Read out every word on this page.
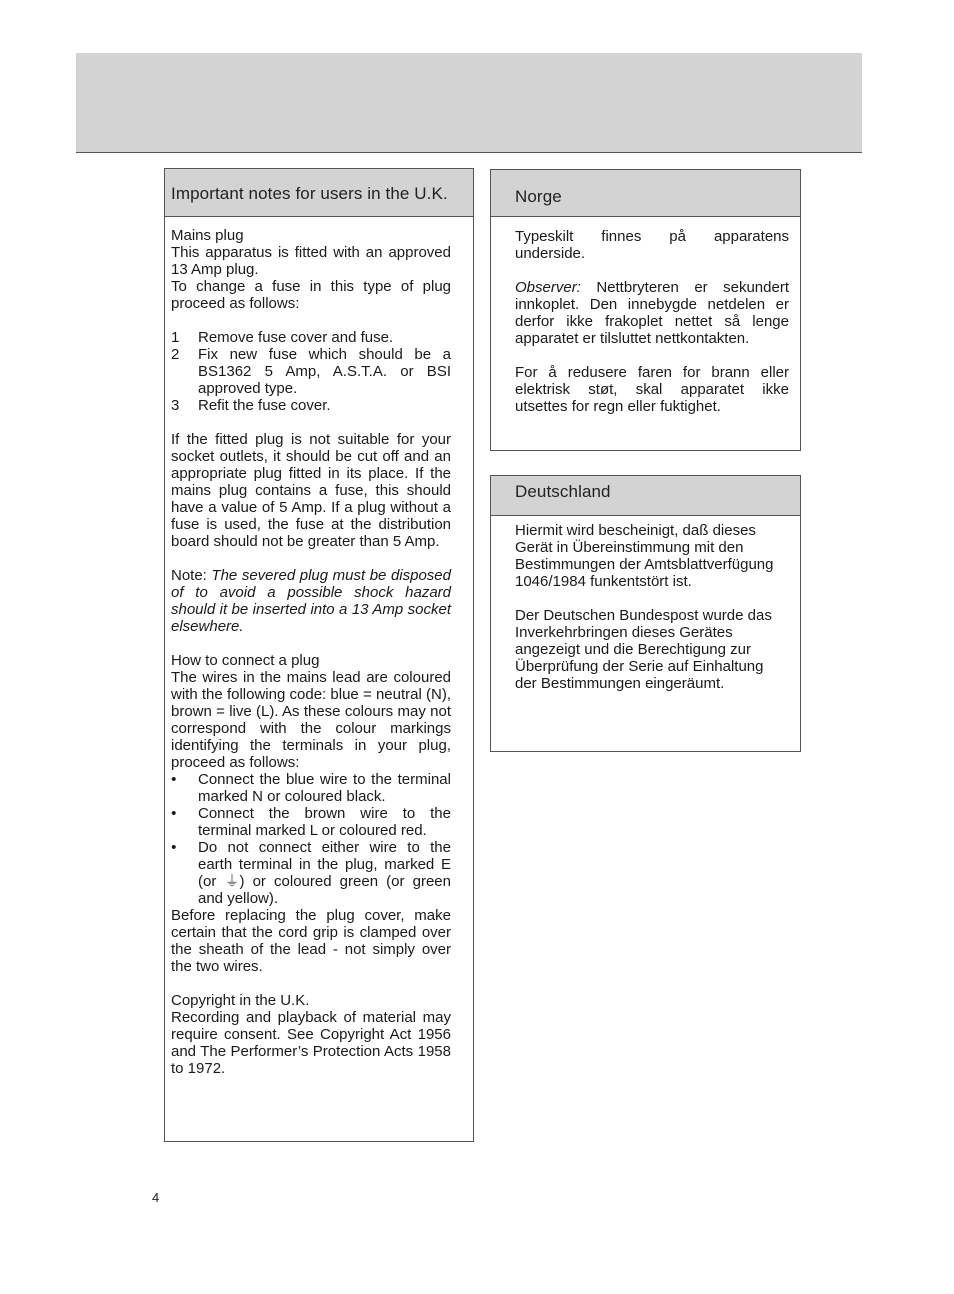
Important notes for users in the U.K.

Mains plug

This apparatus is fitted with an approved 13 Amp plug.

To change a fuse in this type of plug proceed as follows:

1	Remove fuse cover and fuse.
2	Fix new fuse which should be a BS1362 5 Amp, A.S.T.A. or BSI approved type.
3	Refit the fuse cover.

If the fitted plug is not suitable for your socket outlets, it should be cut off and an appropriate plug fitted in its place. If the mains plug contains a fuse, this should have a value of 5 Amp. If a plug without a fuse is used, the fuse at the distribution board should not be greater than 5 Amp.

Note: The severed plug must be disposed of to avoid a possible shock hazard should it be inserted into a 13 Amp socket elsewhere.

How to connect a plug

The wires in the mains lead are coloured with the following code: blue = neutral (N), brown = live (L). As these colours may not correspond with the colour markings identifying the terminals in your plug, proceed as follows:

•	Connect the blue wire to the terminal marked N or coloured black.
•	Connect the brown wire to the terminal marked L or coloured red.
•	Do not connect either wire to the earth terminal in the plug, marked E (or ⏚) or coloured green (or green and yellow).

Before replacing the plug cover, make certain that the cord grip is clamped over the sheath of the lead - not simply over the two wires.

Copyright in the U.K.

Recording and playback of material may require consent. See Copyright Act 1956 and The Performer’s Protection Acts 1958 to 1972.

Norge

Typeskilt finnes på apparatens underside.

Observer: Nettbryteren er sekundert innkoplet. Den innebygde netdelen er derfor ikke frakoplet nettet så lenge apparatet er tilsluttet nettkontakten.

For å redusere faren for brann eller elektrisk støt, skal apparatet ikke utsettes for regn eller fuktighet.

Deutschland

Hiermit wird bescheinigt, daß dieses Gerät in Übereinstimmung mit den Bestimmungen der Amtsblattverfügung 1046/1984 funkentstört ist.

Der Deutschen Bundespost wurde das Inverkehrbringen dieses Gerätes angezeigt und die Berechtigung zur Überprüfung der Serie auf Einhaltung der Bestimmungen eingeräumt.

4
